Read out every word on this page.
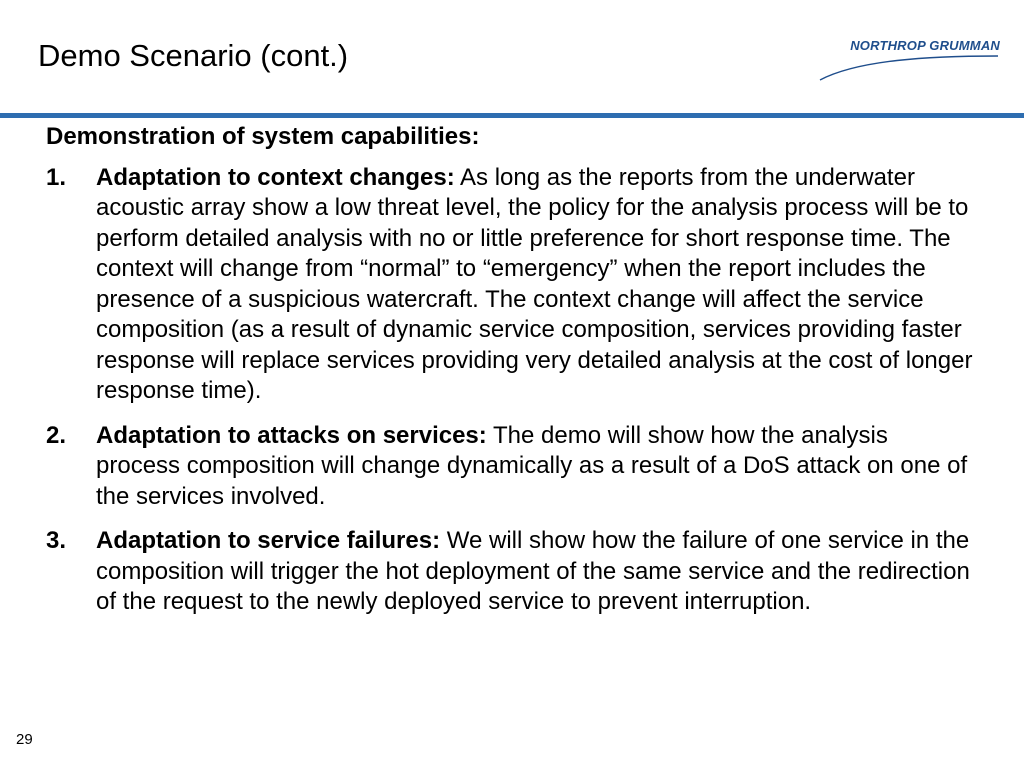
Demo Scenario (cont.)	NORTHROP GRUMMAN

Demonstration of system capabilities:

1. Adaptation to context changes: As long as the reports from the underwater acoustic array show a low threat level, the policy for the analysis process will be to perform detailed analysis with no or little preference for short response time. The context will change from “normal” to “emergency” when the report includes the presence of a suspicious watercraft. The context change will affect the service composition (as a result of dynamic service composition, services providing faster response will replace services providing very detailed analysis at the cost of longer response time).
2. Adaptation to attacks on services: The demo will show how the analysis process composition will change dynamically as a result of a DoS attack on one of the services involved.
3. Adaptation to service failures: We will show how the failure of one service in the composition will trigger the hot deployment of the same service and the redirection of the request to the newly deployed service to prevent interruption.
29
